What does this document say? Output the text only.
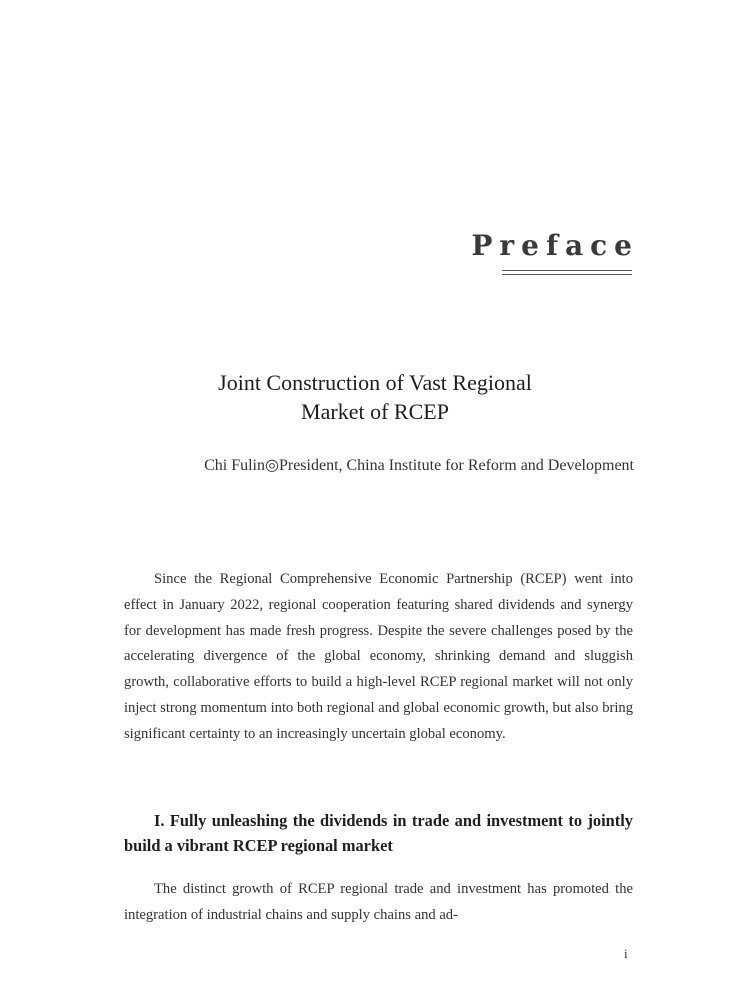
Preface
Joint Construction of Vast Regional
Market of RCEP
Chi Fulin◎President, China Institute for Reform and Development

Since the Regional Comprehensive Economic Partnership (RCEP) went into effect in January 2022, regional cooperation featuring shared dividends and synergy for development has made fresh progress. Despite the severe challenges posed by the accelerating divergence of the global economy, shrinking demand and sluggish growth, collaborative efforts to build a high-level RCEP regional market will not only inject strong momentum into both regional and global economic growth, but also bring significant certainty to an increasingly uncertain global economy.

I. Fully unleashing the dividends in trade and investment to jointly build a vibrant RCEP regional market

The distinct growth of RCEP regional trade and investment has promoted the integration of industrial chains and supply chains and ad-

i
